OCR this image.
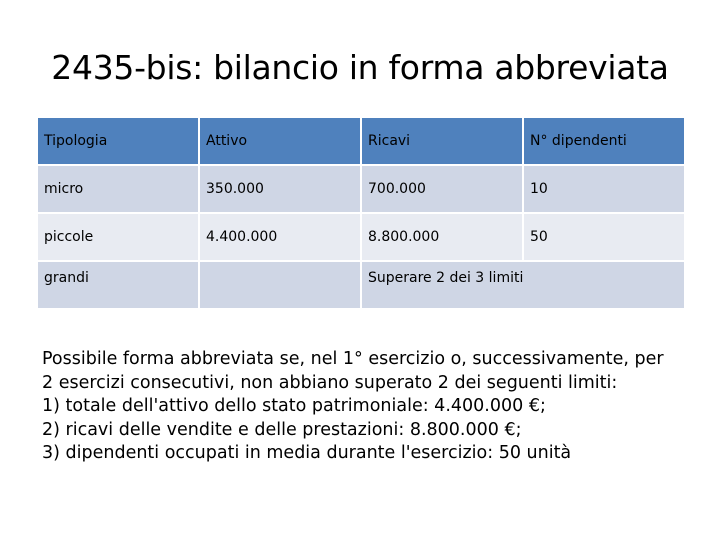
2435-bis: bilancio in forma abbreviata
Tipologia	Attivo	Ricavi	N° dipendenti
micro	350.000	700.000	10
piccole	4.400.000	8.800.000	50
grandi		Superare 2 dei 3 limiti	

Possibile forma abbreviata se, nel 1° esercizio o, successivamente, per

2 esercizi consecutivi, non abbiano superato 2 dei seguenti limiti:

1) totale dell'attivo dello stato patrimoniale: 4.400.000 €;

2) ricavi delle vendite e delle prestazioni: 8.800.000 €;

3) dipendenti occupati in media durante l'esercizio: 50 unità
